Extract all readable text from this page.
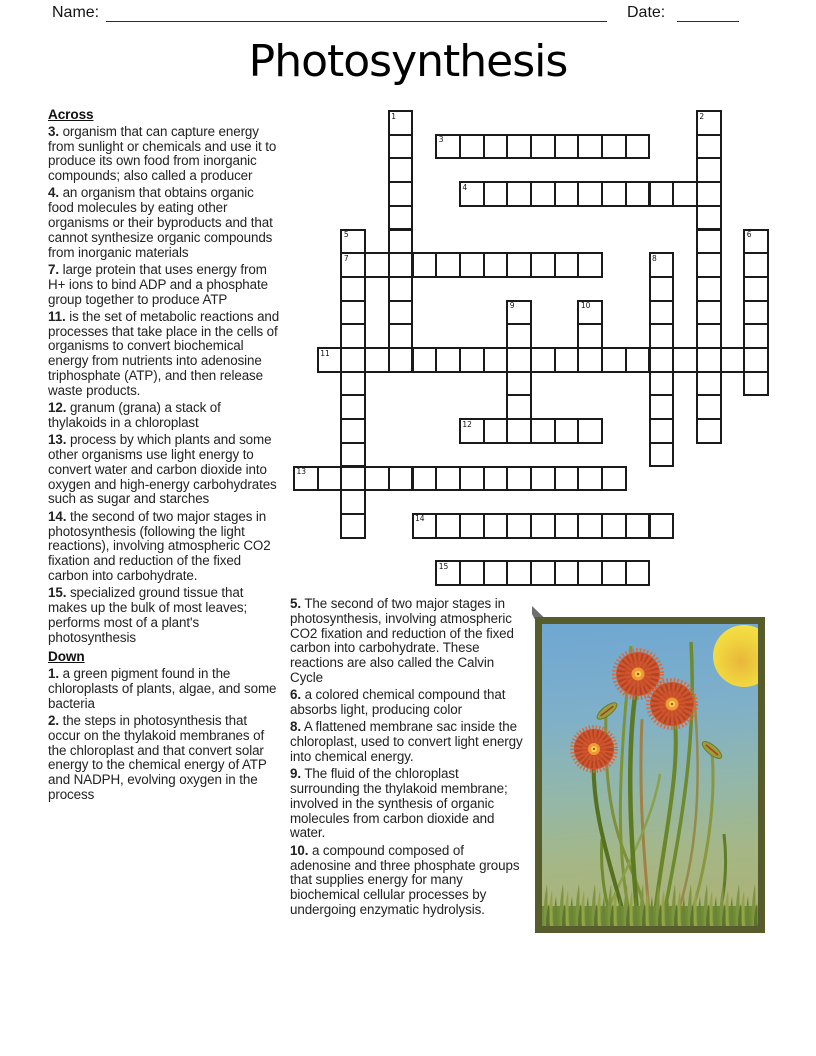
Name:	Date:
Photosynthesis
1	2
3
4
5	6
7	8
9	10
11
12
13
14
15
Across
3. organism that can capture energy from sunlight or chemicals and use it to produce its own food from inorganic compounds; also called a producer
4. an organism that obtains organic food molecules by eating other organisms or their byproducts and that cannot synthesize organic compounds from inorganic materials
7. large protein that uses energy from H+ ions to bind ADP and a phosphate group together to produce ATP
11. is the set of metabolic reactions and processes that take place in the cells of organisms to convert biochemical energy from nutrients into adenosine triphosphate (ATP), and then release waste products.
12. granum (grana) a stack of thylakoids in a chloroplast
13. process by which plants and some other organisms use light energy to convert water and carbon dioxide into oxygen and high-energy carbohydrates such as sugar and starches
14. the second of two major stages in photosynthesis (following the light reactions), involving atmospheric CO2 fixation and reduction of the fixed carbon into carbohydrate.
15. specialized ground tissue that makes up the bulk of most leaves; performs most of a plant's photosynthesis
Down
1. a green pigment found in the chloroplasts of plants, algae, and some bacteria
2. the steps in photosynthesis that occur on the thylakoid membranes of the chloroplast and that convert solar energy to the chemical energy of ATP and NADPH, evolving oxygen in the process
5. The second of two major stages in photosynthesis, involving atmospheric CO2 fixation and reduction of the fixed carbon into carbohydrate. These reactions are also called the Calvin Cycle
6. a colored chemical compound that absorbs light, producing color
8. A flattened membrane sac inside the chloroplast, used to convert light energy into chemical energy.
9. The fluid of the chloroplast surrounding the thylakoid membrane; involved in the synthesis of organic molecules from carbon dioxide and water.
10. a compound composed of adenosine and three phosphate groups that supplies energy for many biochemical cellular processes by undergoing enzymatic hydrolysis.
